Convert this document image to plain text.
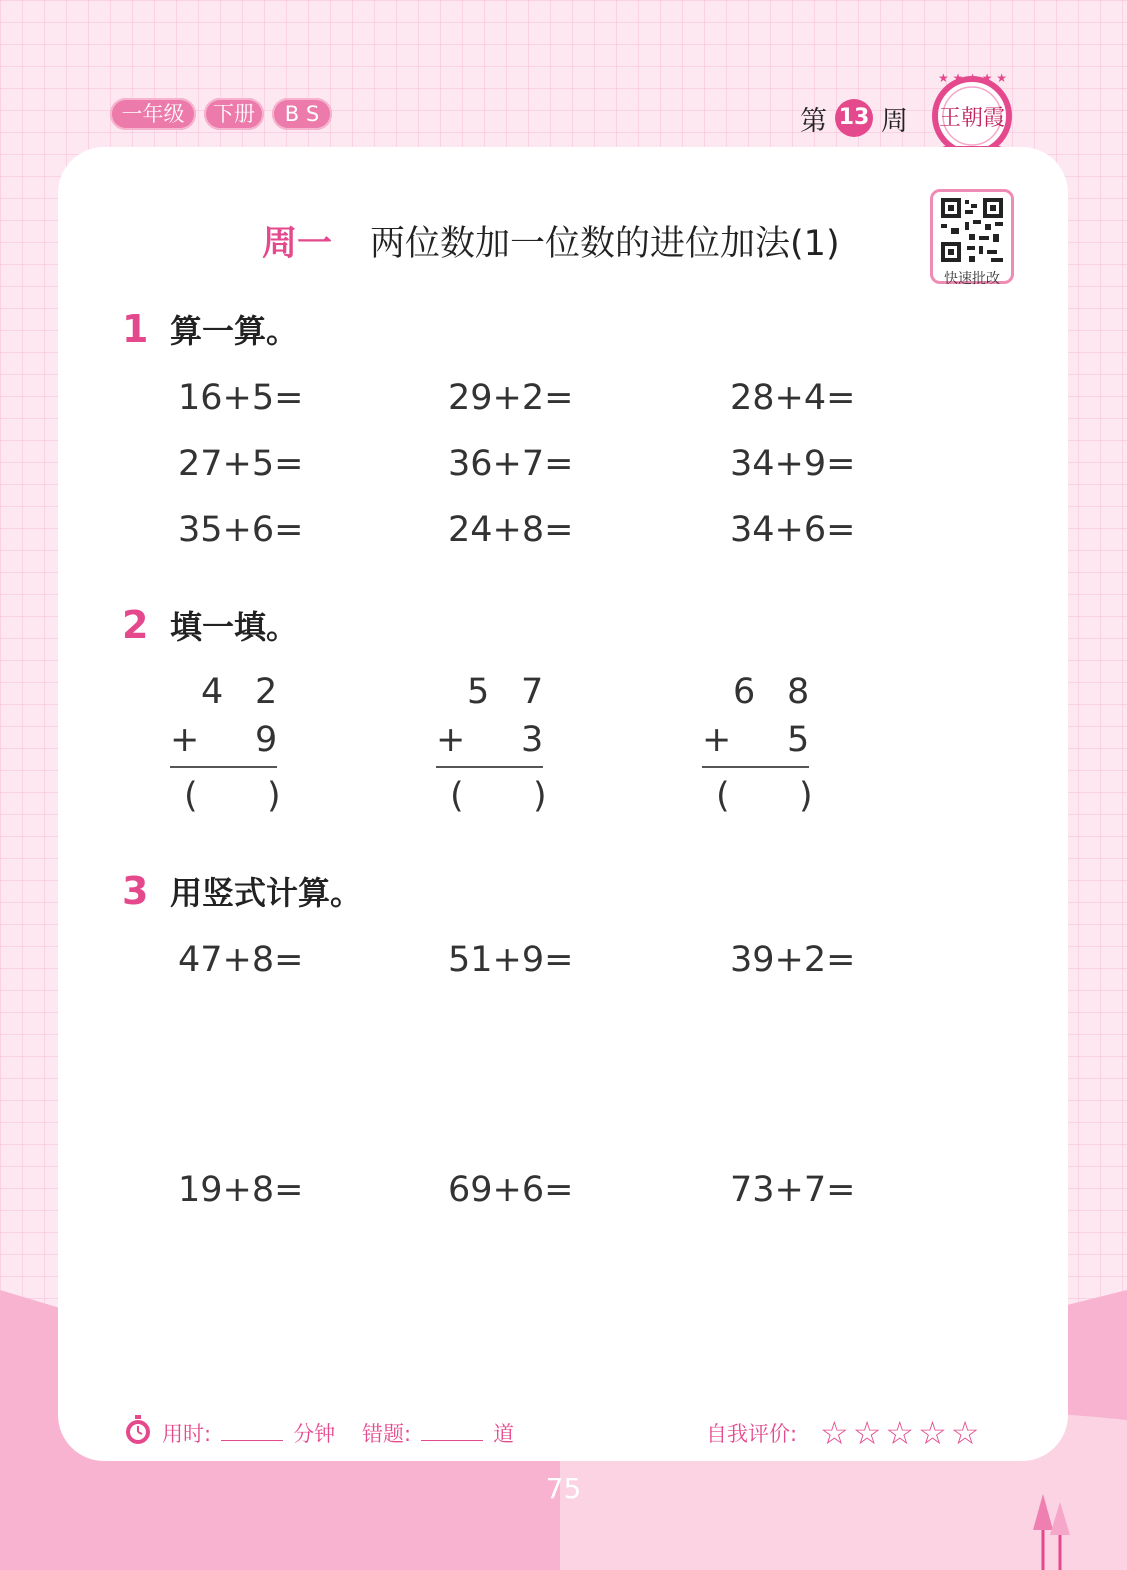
一年级	下册	B S	第 13 周
★ ★ ★ ★ ★
王朝霞
周一 两位数加一位数的进位加法(1)
快速批改
1 算一算。
16+5=	29+2=	28+4=
27+5=	36+7=	34+9=
35+6=	24+8=	34+6=
2 填一填。
4 2
+ 9
( )
5 7
+ 3
( )
6 8
+ 5
( )
3 用竖式计算。
47+8=	51+9=	39+2=
19+8=	69+6=	73+7=
用时:	分钟 错题:	道	自我评价: ☆☆☆☆☆
75
